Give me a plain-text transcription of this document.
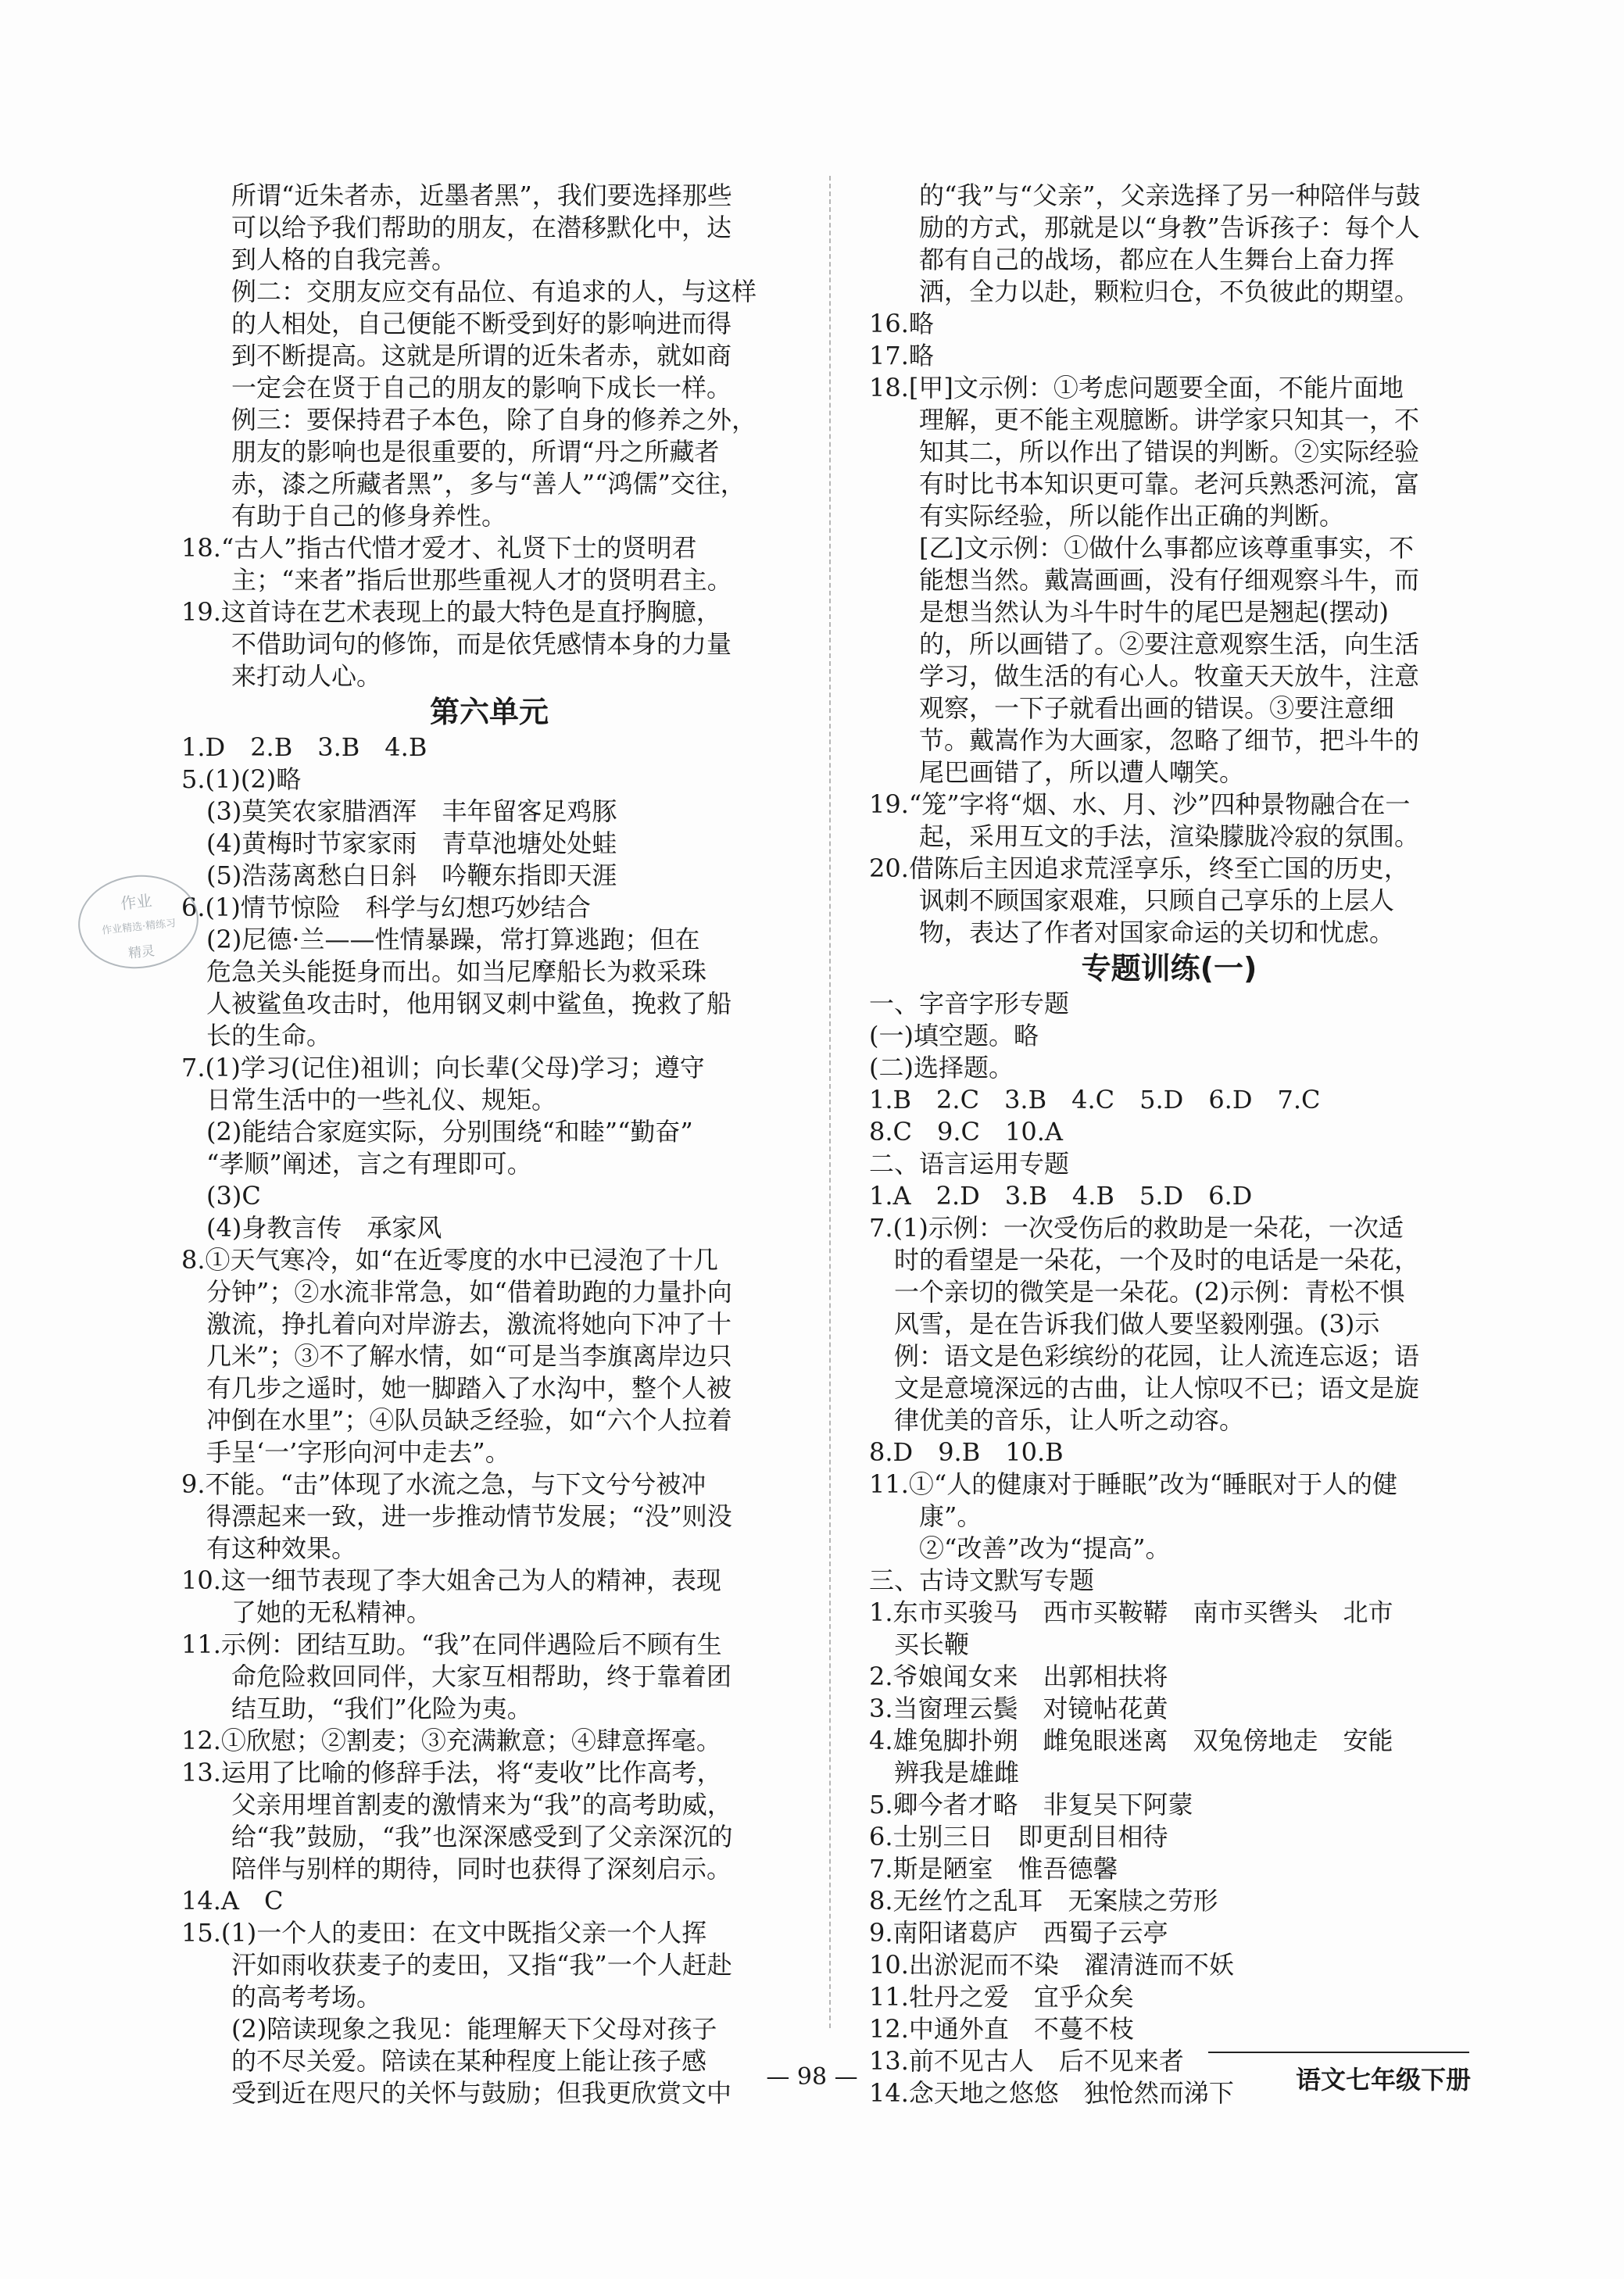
　　所谓“近朱者赤，近墨者黑”，我们要选择那些
　　可以给予我们帮助的朋友，在潜移默化中，达
　　到人格的自我完善。
　　例二：交朋友应交有品位、有追求的人，与这样
　　的人相处，自己便能不断受到好的影响进而得
　　到不断提高。这就是所谓的近朱者赤，就如商
　　一定会在贤于自己的朋友的影响下成长一样。
　　例三：要保持君子本色，除了自身的修养之外，
　　朋友的影响也是很重要的，所谓“丹之所藏者
　　赤，漆之所藏者黑”，多与“善人”“鸿儒”交往，
　　有助于自己的修身养性。
18.“古人”指古代惜才爱才、礼贤下士的贤明君
　　主；“来者”指后世那些重视人才的贤明君主。
19.这首诗在艺术表现上的最大特色是直抒胸臆，
　　不借助词句的修饰，而是依凭感情本身的力量
　　来打动人心。
第六单元
1.D　2.B　3.B　4.B
5.(1)(2)略
　(3)莫笑农家腊酒浑　丰年留客足鸡豚
　(4)黄梅时节家家雨　青草池塘处处蛙
　(5)浩荡离愁白日斜　吟鞭东指即天涯
6.(1)情节惊险　科学与幻想巧妙结合
　(2)尼德·兰——性情暴躁，常打算逃跑；但在
　危急关头能挺身而出。如当尼摩船长为救采珠
　人被鲨鱼攻击时，他用钢叉刺中鲨鱼，挽救了船
　长的生命。
7.(1)学习(记住)祖训；向长辈(父母)学习；遵守
　日常生活中的一些礼仪、规矩。
　(2)能结合家庭实际，分别围绕“和睦”“勤奋”
　“孝顺”阐述，言之有理即可。
　(3)C
　(4)身教言传　承家风
8.①天气寒冷，如“在近零度的水中已浸泡了十几
　分钟”；②水流非常急，如“借着助跑的力量扑向
　激流，挣扎着向对岸游去，激流将她向下冲了十
　几米”；③不了解水情，如“可是当李旗离岸边只
　有几步之遥时，她一脚踏入了水沟中，整个人被
　冲倒在水里”；④队员缺乏经验，如“六个人拉着
　手呈‘一’字形向河中走去”。
9.不能。“击”体现了水流之急，与下文兮兮被冲
　得漂起来一致，进一步推动情节发展；“没”则没
　有这种效果。
10.这一细节表现了李大姐舍己为人的精神，表现
　　了她的无私精神。
11.示例：团结互助。“我”在同伴遇险后不顾有生
　　命危险救回同伴，大家互相帮助，终于靠着团
　　结互助，“我们”化险为夷。
12.①欣慰；②割麦；③充满歉意；④肆意挥毫。
13.运用了比喻的修辞手法，将“麦收”比作高考，
　　父亲用埋首割麦的激情来为“我”的高考助威，
　　给“我”鼓励，“我”也深深感受到了父亲深沉的
　　陪伴与别样的期待，同时也获得了深刻启示。
14.A　C
15.(1)一个人的麦田：在文中既指父亲一个人挥
　　汗如雨收获麦子的麦田，又指“我”一个人赶赴
　　的高考考场。
　　(2)陪读现象之我见：能理解天下父母对孩子
　　的不尽关爱。陪读在某种程度上能让孩子感
　　受到近在咫尺的关怀与鼓励；但我更欣赏文中
　　的“我”与“父亲”，父亲选择了另一种陪伴与鼓
　　励的方式，那就是以“身教”告诉孩子：每个人
　　都有自己的战场，都应在人生舞台上奋力挥
　　洒，全力以赴，颗粒归仓，不负彼此的期望。
16.略
17.略
18.[甲]文示例：①考虑问题要全面，不能片面地
　　理解，更不能主观臆断。讲学家只知其一，不
　　知其二，所以作出了错误的判断。②实际经验
　　有时比书本知识更可靠。老河兵熟悉河流，富
　　有实际经验，所以能作出正确的判断。
　　[乙]文示例：①做什么事都应该尊重事实，不
　　能想当然。戴嵩画画，没有仔细观察斗牛，而
　　是想当然认为斗牛时牛的尾巴是翘起(摆动)
　　的，所以画错了。②要注意观察生活，向生活
　　学习，做生活的有心人。牧童天天放牛，注意
　　观察，一下子就看出画的错误。③要注意细
　　节。戴嵩作为大画家，忽略了细节，把斗牛的
　　尾巴画错了，所以遭人嘲笑。
19.“笼”字将“烟、水、月、沙”四种景物融合在一
　　起，采用互文的手法，渲染朦胧冷寂的氛围。
20.借陈后主因追求荒淫享乐，终至亡国的历史，
　　讽刺不顾国家艰难，只顾自己享乐的上层人
　　物，表达了作者对国家命运的关切和忧虑。
专题训练(一)
一、字音字形专题
(一)填空题。略
(二)选择题。
1.B　2.C　3.B　4.C　5.D　6.D　7.C
8.C　9.C　10.A
二、语言运用专题
1.A　2.D　3.B　4.B　5.D　6.D
7.(1)示例：一次受伤后的救助是一朵花，一次适
　时的看望是一朵花，一个及时的电话是一朵花，
　一个亲切的微笑是一朵花。(2)示例：青松不惧
　风雪，是在告诉我们做人要坚毅刚强。(3)示
　例：语文是色彩缤纷的花园，让人流连忘返；语
　文是意境深远的古曲，让人惊叹不已；语文是旋
　律优美的音乐，让人听之动容。
8.D　9.B　10.B
11.①“人的健康对于睡眠”改为“睡眠对于人的健
　　康”。
　　②“改善”改为“提高”。
三、古诗文默写专题
1.东市买骏马　西市买鞍鞯　南市买辔头　北市
　买长鞭
2.爷娘闻女来　出郭相扶将
3.当窗理云鬓　对镜帖花黄
4.雄兔脚扑朔　雌兔眼迷离　双兔傍地走　安能
　辨我是雄雌
5.卿今者才略　非复吴下阿蒙
6.士别三日　即更刮目相待
7.斯是陋室　惟吾德馨
8.无丝竹之乱耳　无案牍之劳形
9.南阳诸葛庐　西蜀子云亭
10.出淤泥而不染　濯清涟而不妖
11.牡丹之爱　宜乎众矣
12.中通外直　不蔓不枝
13.前不见古人　后不见来者
14.念天地之悠悠　独怆然而涕下
作业
作业精选·精练习
精灵
— 98 —	语文七年级下册
